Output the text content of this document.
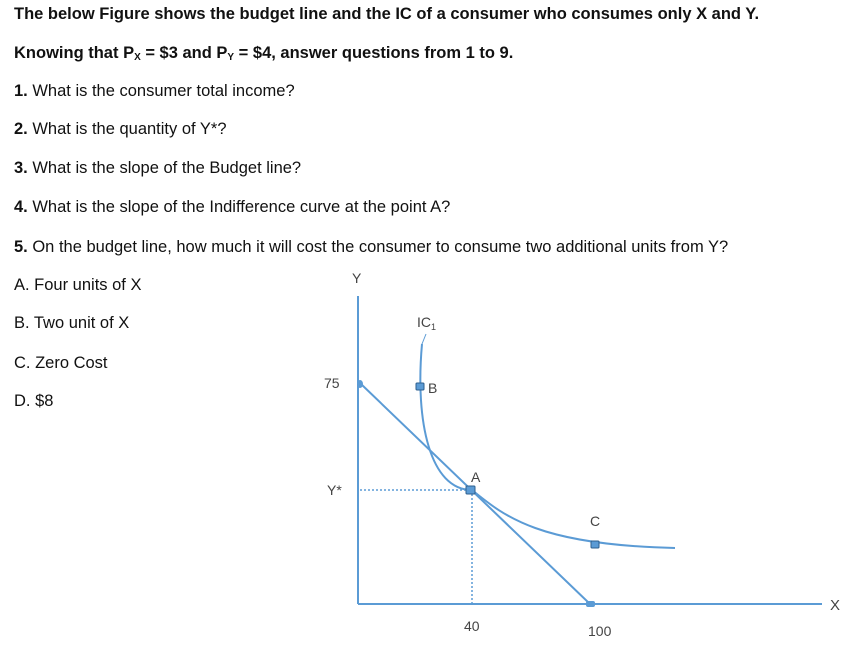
The below Figure shows the budget line and the IC of a consumer who consumes only X and Y.
Knowing that $P_X$ = $3 and $P_Y$ = $4, answer questions from 1 to 9.
1. What is the consumer total income?
2. What is the quantity of Y*?
3. What is the slope of the Budget line?
4. What is the slope of the Indifference curve at the point A?
5. On the budget line, how much it will cost the consumer to consume two additional units from Y?
A. Four units of X
B. Two unit of X
C. Zero Cost
D. $8
Y
X
$IC_1$
B
A
C
75
Y*
40	100
